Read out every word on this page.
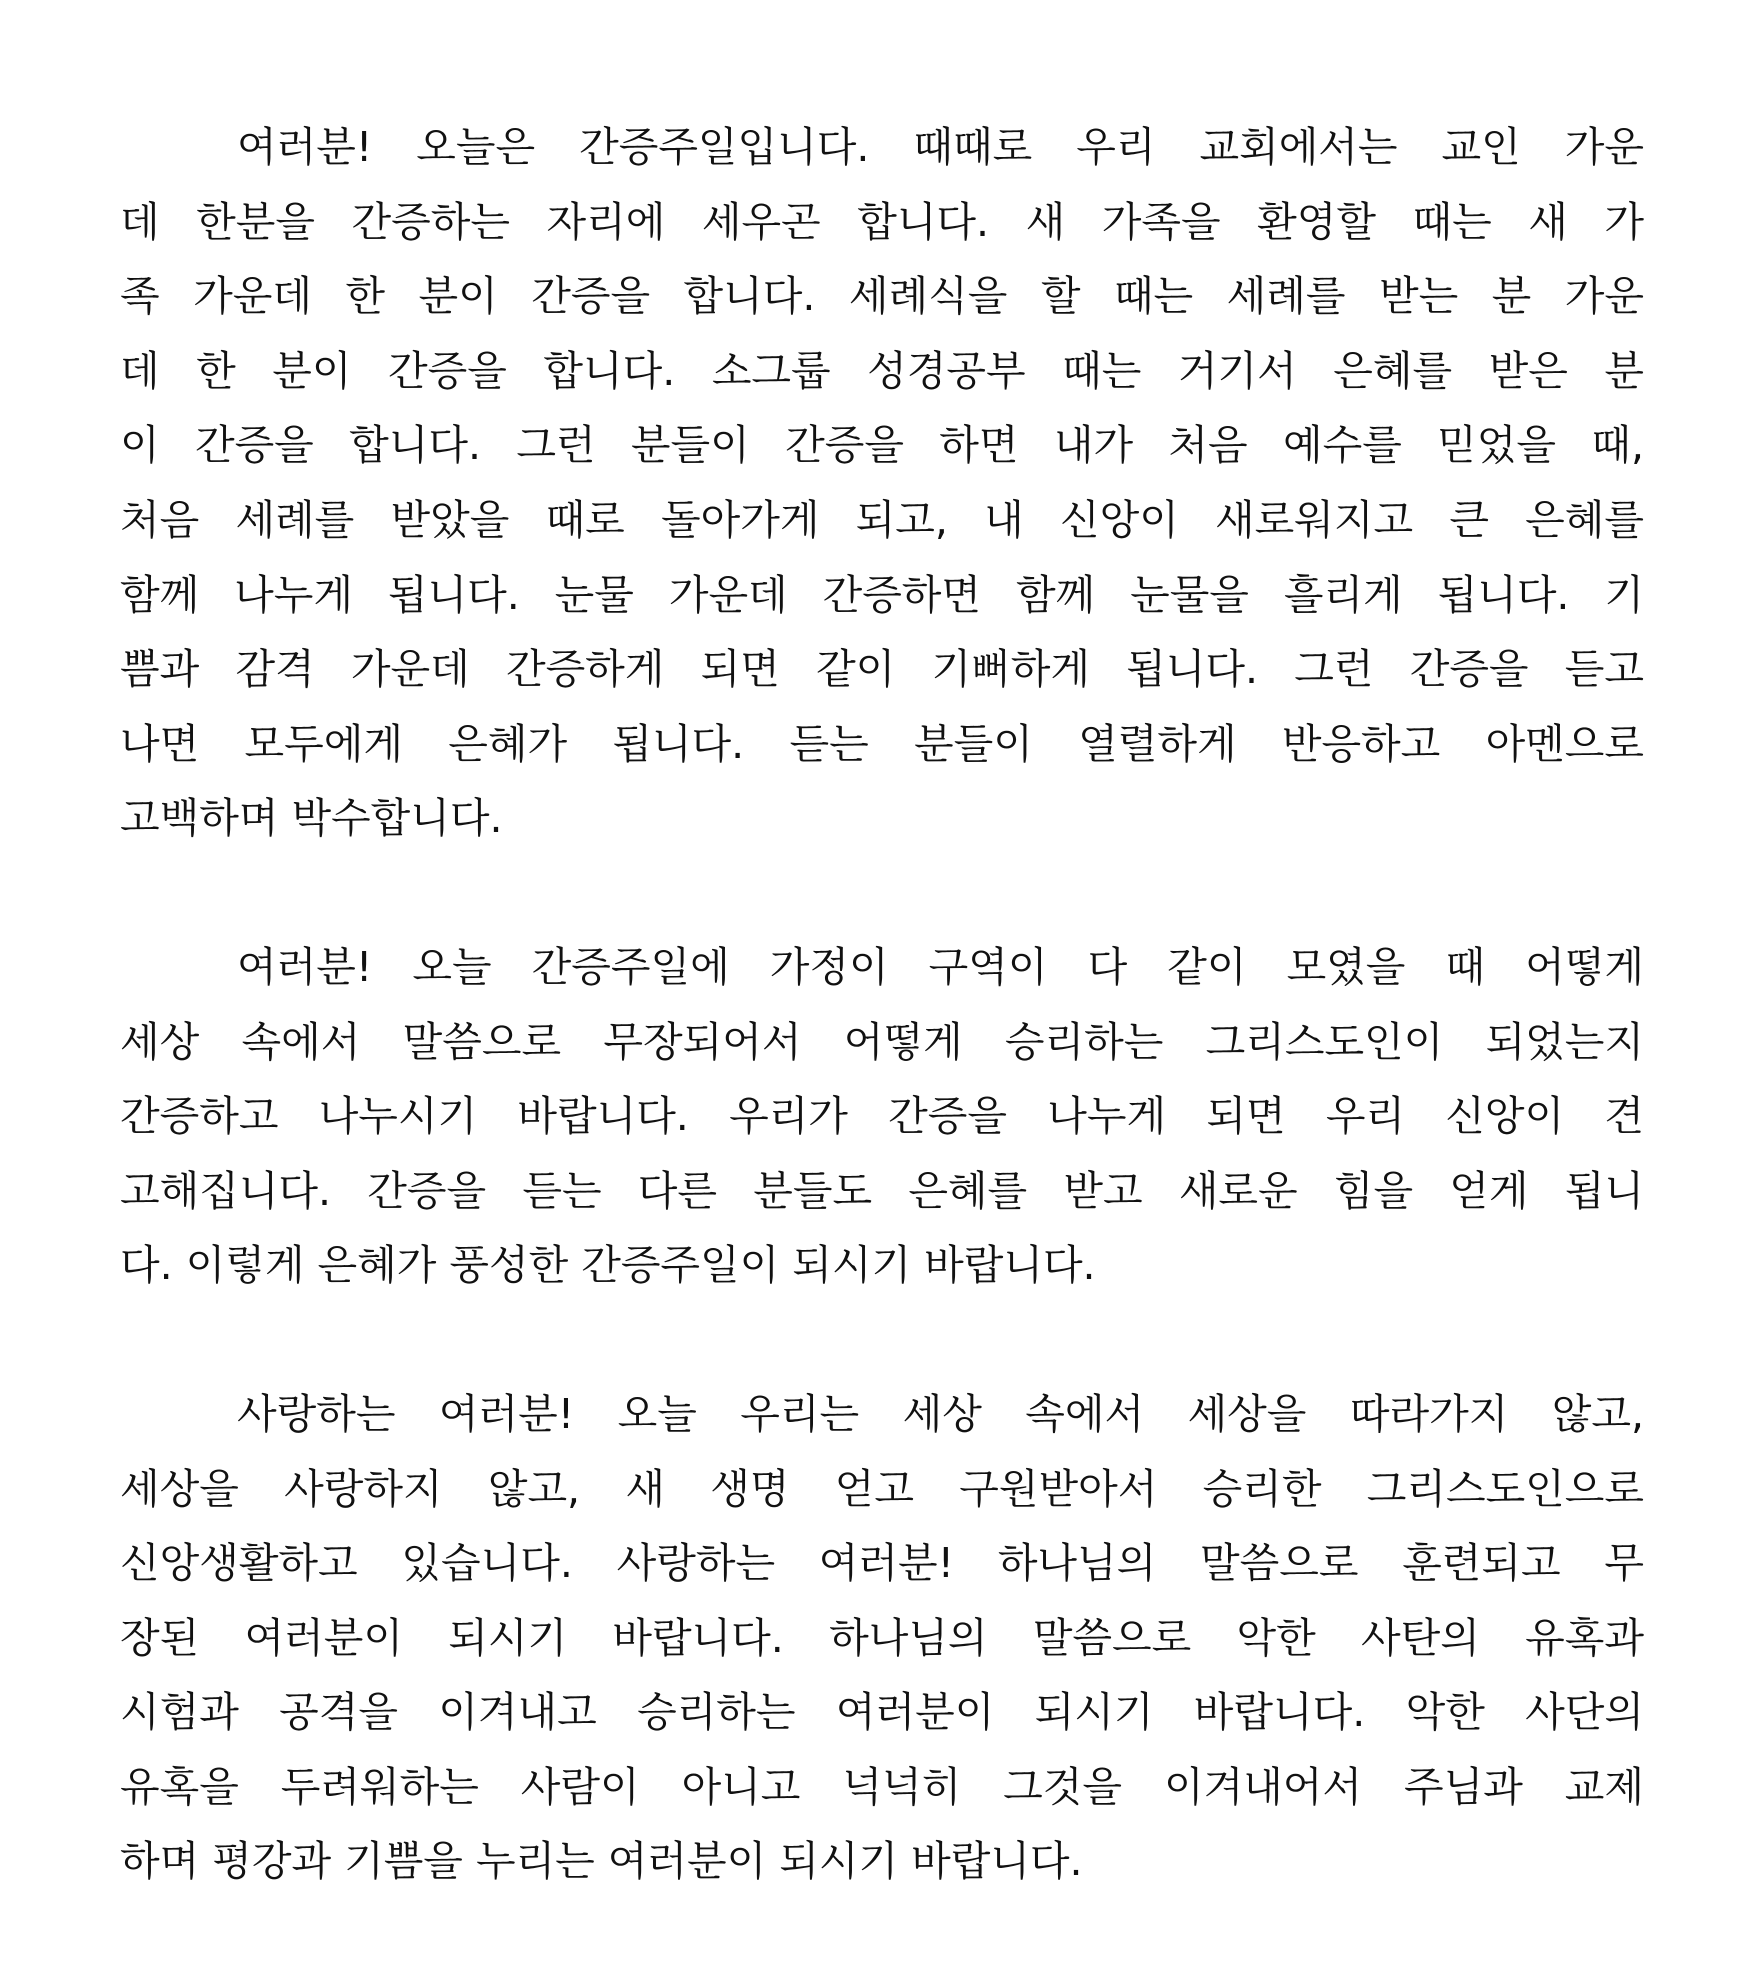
여러분! 오늘은 간증주일입니다. 때때로 우리 교회에서는 교인 가운
데 한분을 간증하는 자리에 세우곤 합니다. 새 가족을 환영할 때는 새 가
족 가운데 한 분이 간증을 합니다. 세례식을 할 때는 세례를 받는 분 가운
데 한 분이 간증을 합니다. 소그룹 성경공부 때는 거기서 은혜를 받은 분
이 간증을 합니다. 그런 분들이 간증을 하면 내가 처음 예수를 믿었을 때,
처음 세례를 받았을 때로 돌아가게 되고, 내 신앙이 새로워지고 큰 은혜를
함께 나누게 됩니다. 눈물 가운데 간증하면 함께 눈물을 흘리게 됩니다. 기
쁨과 감격 가운데 간증하게 되면 같이 기뻐하게 됩니다. 그런 간증을 듣고
나면 모두에게 은혜가 됩니다. 듣는 분들이 열렬하게 반응하고 아멘으로
고백하며 박수합니다.
여러분! 오늘 간증주일에 가정이 구역이 다 같이 모였을 때 어떻게
세상 속에서 말씀으로 무장되어서 어떻게 승리하는 그리스도인이 되었는지
간증하고 나누시기 바랍니다. 우리가 간증을 나누게 되면 우리 신앙이 견
고해집니다. 간증을 듣는 다른 분들도 은혜를 받고 새로운 힘을 얻게 됩니
다. 이렇게 은혜가 풍성한 간증주일이 되시기 바랍니다.
사랑하는 여러분! 오늘 우리는 세상 속에서 세상을 따라가지 않고,
세상을 사랑하지 않고, 새 생명 얻고 구원받아서 승리한 그리스도인으로
신앙생활하고 있습니다. 사랑하는 여러분! 하나님의 말씀으로 훈련되고 무
장된 여러분이 되시기 바랍니다. 하나님의 말씀으로 악한 사탄의 유혹과
시험과 공격을 이겨내고 승리하는 여러분이 되시기 바랍니다. 악한 사단의
유혹을 두려워하는 사람이 아니고 넉넉히 그것을 이겨내어서 주님과 교제
하며 평강과 기쁨을 누리는 여러분이 되시기 바랍니다.
